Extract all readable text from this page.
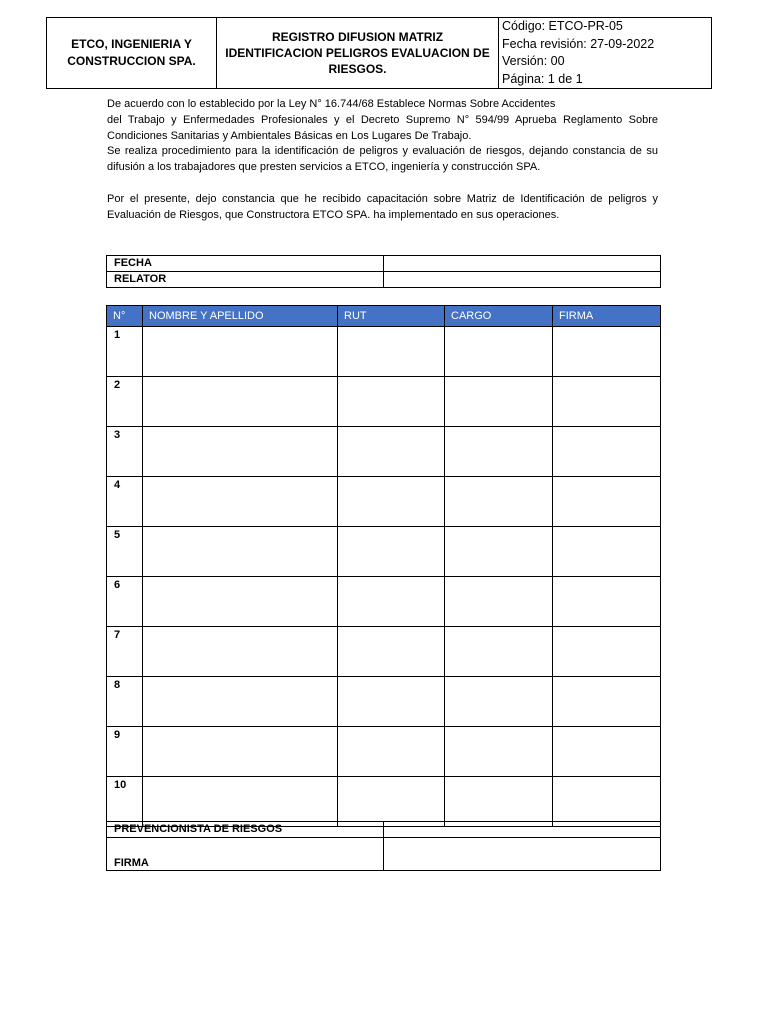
ETCO, INGENIERIA Y
CONSTRUCCION SPA.

REGISTRO DIFUSION MATRIZ
IDENTIFICACION PELIGROS EVALUACION DE
RIESGOS.

Código: ETCO-PR-05
Fecha revisión: 27-09-2022
Versión: 00
Página: 1 de 1

De acuerdo con lo establecido por la Ley N° 16.744/68 Establece Normas Sobre Accidentes

del Trabajo y Enfermedades Profesionales y el Decreto Supremo N° 594/99 Aprueba Reglamento Sobre

Condiciones Sanitarias y Ambientales Básicas en Los Lugares De Trabajo.

Se realiza procedimiento para la identificación de peligros y evaluación de riesgos, dejando constancia de su

difusión a los trabajadores que presten servicios a ETCO, ingeniería y construcción SPA.

Por el presente, dejo constancia que he recibido capacitación sobre Matriz de Identificación de peligros y

Evaluación de Riesgos, que Constructora ETCO SPA. ha implementado en sus operaciones.

FECHA	
RELATOR	
N°	NOMBRE Y APELLIDO	RUT	CARGO	FIRMA
1				
2				
3				
4				
5				
6				
7				
8				
9				
10				
PREVENCIONISTA DE RIESGOS	
FIRMA	
